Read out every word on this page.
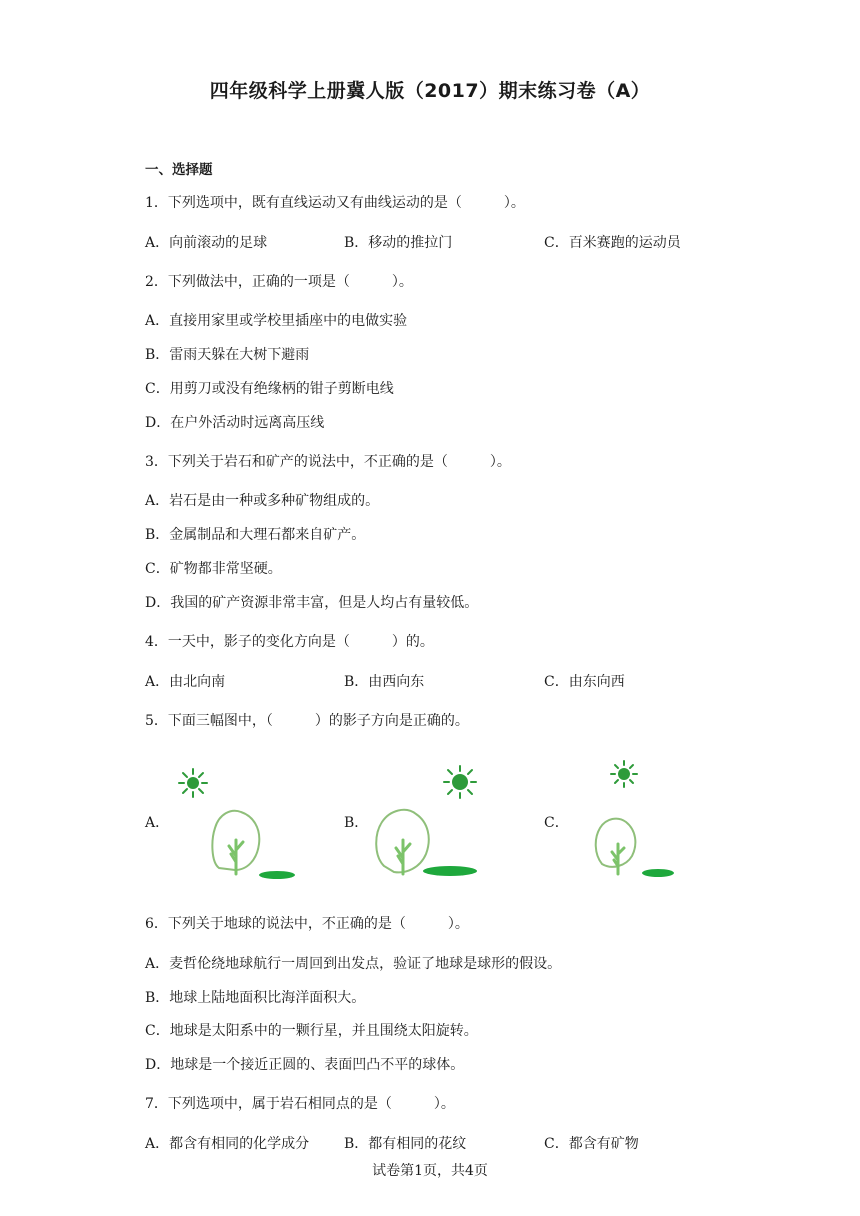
四年级科学上册冀人版（2017）期末练习卷（A）
一、选择题
1．下列选项中，既有直线运动又有曲线运动的是（　　　）。
A．向前滚动的足球	B．移动的推拉门	C．百米赛跑的运动员
2．下列做法中，正确的一项是（　　　）。
A．直接用家里或学校里插座中的电做实验
B．雷雨天躲在大树下避雨
C．用剪刀或没有绝缘柄的钳子剪断电线
D．在户外活动时远离高压线
3．下列关于岩石和矿产的说法中，不正确的是（　　　）。
A．岩石是由一种或多种矿物组成的。
B．金属制品和大理石都来自矿产。
C．矿物都非常坚硬。
D．我国的矿产资源非常丰富，但是人均占有量较低。
4．一天中，影子的变化方向是（　　　）的。
A．由北向南	B．由西向东	C．由东向西
5．下面三幅图中，（　　　）的影子方向是正确的。
A．	B．	C．
6．下列关于地球的说法中，不正确的是（　　　）。
A．麦哲伦绕地球航行一周回到出发点，验证了地球是球形的假设。
B．地球上陆地面积比海洋面积大。
C．地球是太阳系中的一颗行星，并且围绕太阳旋转。
D．地球是一个接近正圆的、表面凹凸不平的球体。
7．下列选项中，属于岩石相同点的是（　　　）。
A．都含有相同的化学成分 B．都有相同的花纹	C．都含有矿物
试卷第1页，共4页
